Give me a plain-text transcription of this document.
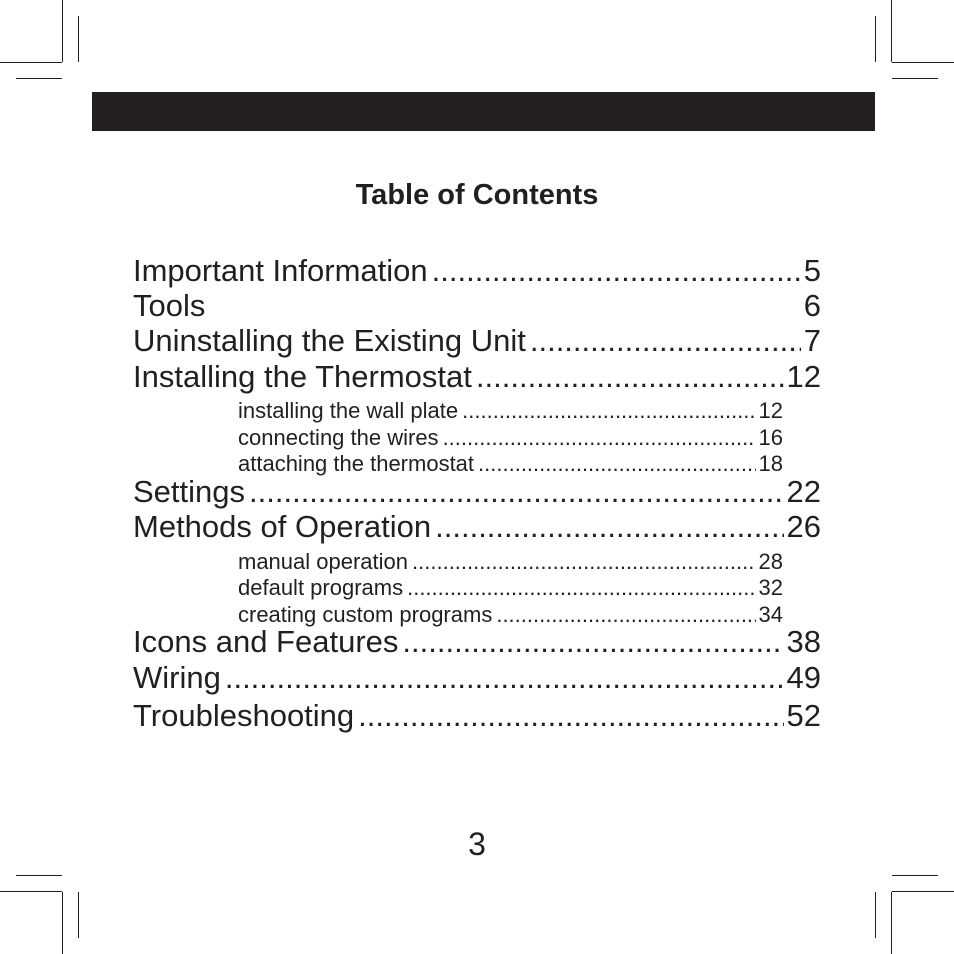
Table of Contents
Important Information .....	5
Tools	6
Uninstalling the Existing Unit .....	7
Installing the Thermostat .....	12
installing the wall plate .....	12
connecting the wires .....	16
attaching the thermostat .....	18
Settings .....	22
Methods of Operation .....	26
manual operation .....	28
default programs .....	32
creating custom programs .....	34
Icons and Features .....	38
Wiring .....	49
Troubleshooting .....	52
3
